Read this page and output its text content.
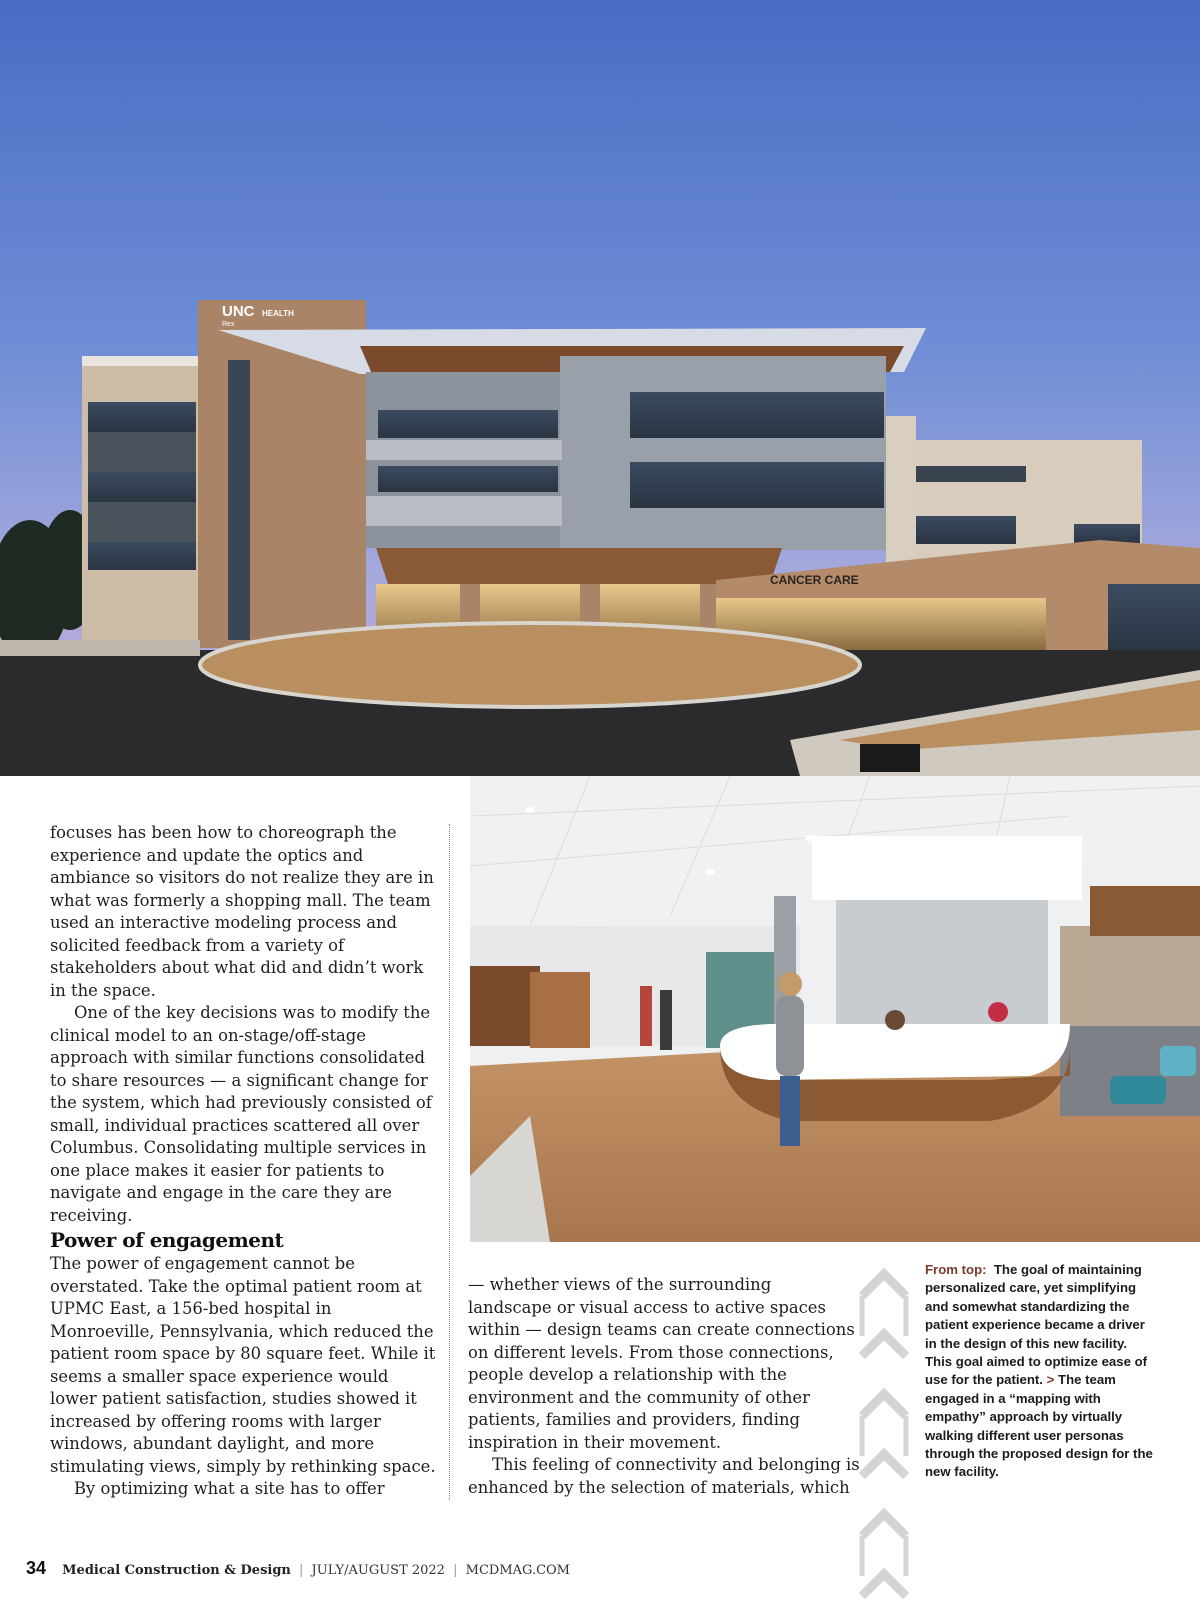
UNC HEALTH
Rex
CANCER CARE

focuses has been how to choreograph the experience and update the optics and ambiance so visitors do not realize they are in what was formerly a shopping mall. The team used an interactive modeling process and solicited feedback from a variety of stakeholders about what did and didn’t work in the space.

One of the key decisions was to modify the clinical model to an on-stage/off-stage approach with similar functions consolidated to share resources — a significant change for the system, which had previously consisted of small, individual practices scattered all over Columbus. Consolidating multiple services in one place makes it easier for patients to navigate and engage in the care they are receiving.

Power of engagement

The power of engagement cannot be overstated. Take the optimal patient room at UPMC East, a 156-bed hospital in Monroeville, Pennsylvania, which reduced the patient room space by 80 square feet. While it seems a smaller space experience would lower patient satisfaction, studies showed it increased by offering rooms with larger windows, abundant daylight, and more stimulating views, simply by rethinking space.

By optimizing what a site has to offer

— whether views of the surrounding landscape or visual access to active spaces within — design teams can create connections on different levels. From those connections, people develop a relationship with the environment and the community of other patients, families and providers, finding inspiration in their movement.

This feeling of connectivity and belonging is enhanced by the selection of materials, which

From top: The goal of maintaining personalized care, yet simplifying and somewhat standardizing the patient experience became a driver in the design of this new facility. This goal aimed to optimize ease of use for the patient. > The team engaged in a “mapping with empathy” approach by virtually walking different user personas through the proposed design for the new facility.
34 Medical Construction & Design | JULY/AUGUST 2022 | MCDMAG.COM
